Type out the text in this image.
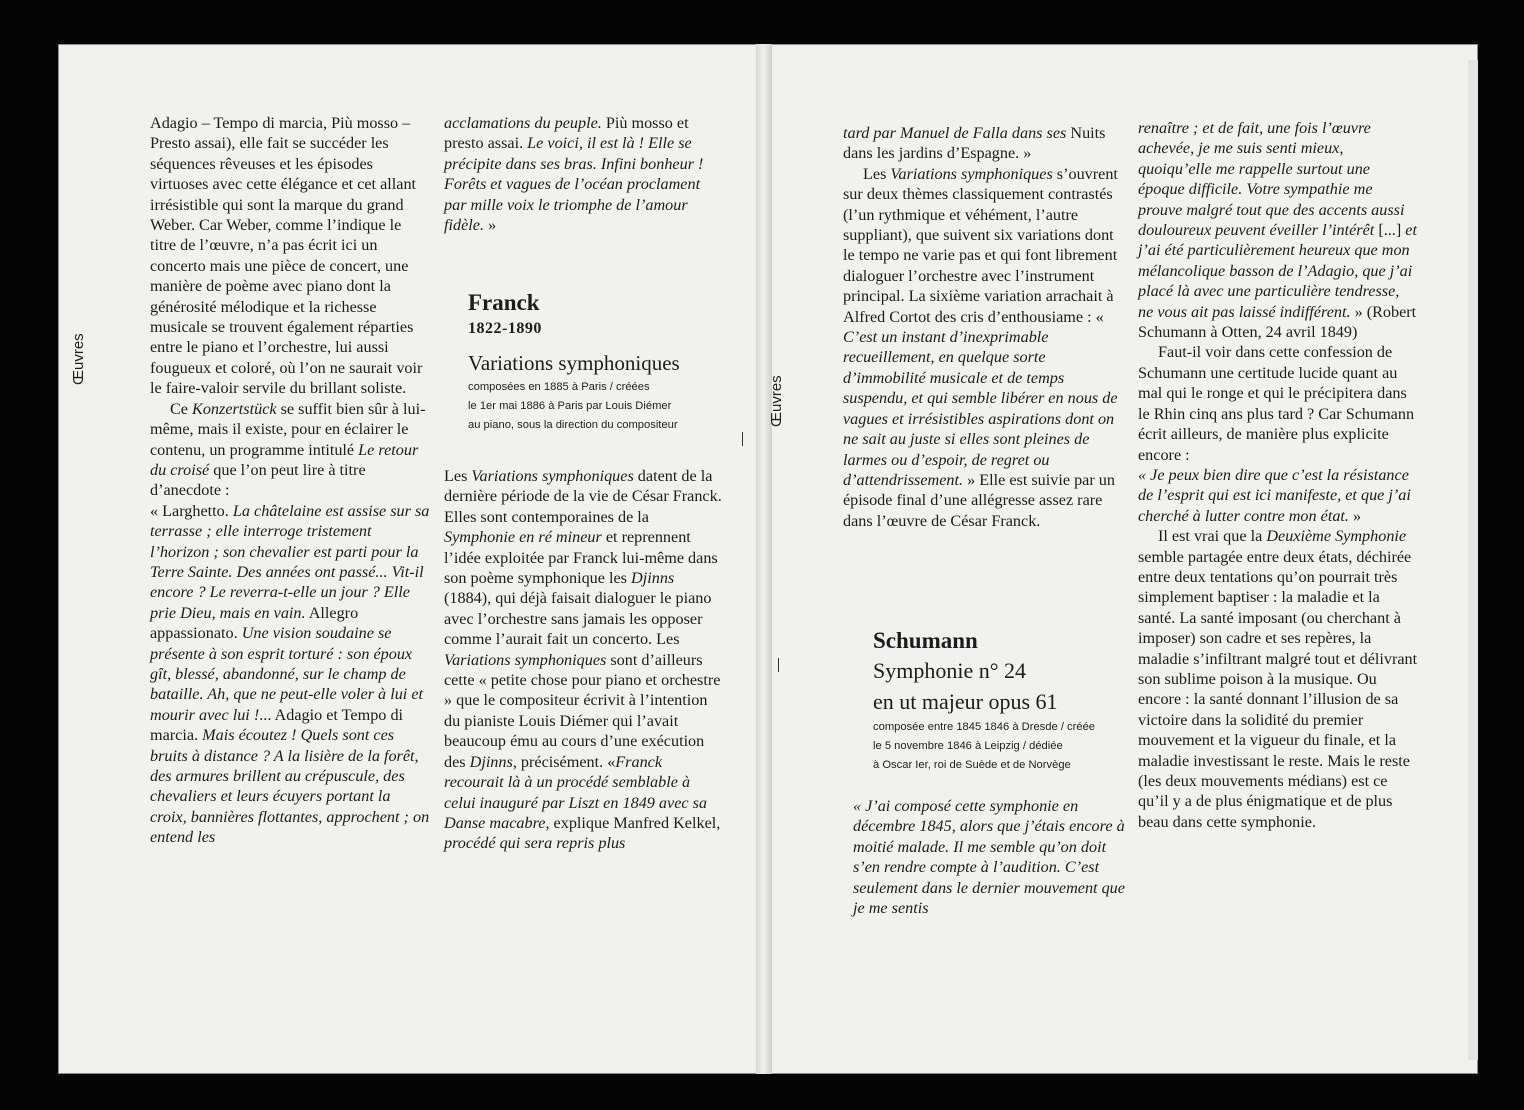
Œuvres
Œuvres

Adagio – Tempo di marcia, Più mosso – Presto assai), elle fait se succéder les séquences rêveuses et les épisodes virtuoses avec cette élégance et cet allant irrésistible qui sont la marque du grand Weber. Car Weber, comme l’indique le titre de l’œuvre, n’a pas écrit ici un concerto mais une pièce de concert, une manière de poème avec piano dont la générosité mélodique et la richesse musicale se trouvent également réparties entre le piano et l’orchestre, lui aussi fougueux et coloré, où l’on ne saurait voir le faire-valoir servile du brillant soliste.

Ce Konzertstück se suffit bien sûr à lui-même, mais il existe, pour en éclairer le contenu, un programme intitulé Le retour du croisé que l’on peut lire à titre d’anecdote :

« Larghetto. La châtelaine est assise sur sa terrasse ; elle interroge tristement l’horizon ; son chevalier est parti pour la Terre Sainte. Des années ont passé... Vit-il encore ? Le reverra-t-elle un jour ? Elle prie Dieu, mais en vain. Allegro appassionato. Une vision soudaine se présente à son esprit torturé : son époux gît, blessé, abandonné, sur le champ de bataille. Ah, que ne peut-elle voler à lui et mourir avec lui !... Adagio et Tempo di marcia. Mais écoutez ! Quels sont ces bruits à distance ? A la lisière de la forêt, des armures brillent au crépuscule, des chevaliers et leurs écuyers portant la croix, bannières flottantes, approchent ; on entend les

acclamations du peuple. Più mosso et presto assai. Le voici, il est là ! Elle se précipite dans ses bras. Infini bonheur ! Forêts et vagues de l’océan proclament par mille voix le triomphe de l’amour fidèle. »

Franck
1822-1890
Variations symphoniques
composées en 1885 à Paris / créées
le 1er mai 1886 à Paris par Louis Diémer
au piano, sous la direction du compositeur

Les Variations symphoniques datent de la dernière période de la vie de César Franck. Elles sont contemporaines de la Symphonie en ré mineur et reprennent l’idée exploitée par Franck lui-même dans son poème symphonique les Djinns (1884), qui déjà faisait dialoguer le piano avec l’orchestre sans jamais les opposer comme l’aurait fait un concerto. Les Variations symphoniques sont d’ailleurs cette « petite chose pour piano et orchestre » que le compositeur écrivit à l’intention du pianiste Louis Diémer qui l’avait beaucoup ému au cours d’une exécution des Djinns, précisément. «Franck recourait là à un procédé semblable à celui inauguré par Liszt en 1849 avec sa Danse macabre, explique Manfred Kelkel, procédé qui sera repris plus

tard par Manuel de Falla dans ses Nuits dans les jardins d’Espagne. »

Les Variations symphoniques s’ouvrent sur deux thèmes classiquement contrastés (l’un rythmique et véhément, l’autre suppliant), que suivent six variations dont le tempo ne varie pas et qui font librement dialoguer l’orchestre avec l’instrument principal. La sixième variation arrachait à Alfred Cortot des cris d’enthousiame : « C’est un instant d’inexprimable recueillement, en quelque sorte d’immobilité musicale et de temps suspendu, et qui semble libérer en nous de vagues et irrésistibles aspirations dont on ne sait au juste si elles sont pleines de larmes ou d’espoir, de regret ou d’attendrissement. » Elle est suivie par un épisode final d’une allégresse assez rare dans l’œuvre de César Franck.

Schumann
Symphonie n° 24
en ut majeur opus 61
composée entre 1845 1846 à Dresde / créée
le 5 novembre 1846 à Leipzig / dédiée
à Oscar Ier, roi de Suède et de Norvège

« J’ai composé cette symphonie en décembre 1845, alors que j’étais encore à moitié malade. Il me semble qu’on doit s’en rendre compte à l’audition. C’est seulement dans le dernier mouvement que je me sentis

renaître ; et de fait, une fois l’œuvre achevée, je me suis senti mieux, quoiqu’elle me rappelle surtout une époque difficile. Votre sympathie me prouve malgré tout que des accents aussi douloureux peuvent éveiller l’intérêt [...] et j’ai été particulièrement heureux que mon mélancolique basson de l’Adagio, que j’ai placé là avec une particulière tendresse, ne vous ait pas laissé indifférent. » (Robert Schumann à Otten, 24 avril 1849)

Faut-il voir dans cette confession de Schumann une certitude lucide quant au mal qui le ronge et qui le précipitera dans le Rhin cinq ans plus tard ? Car Schumann écrit ailleurs, de manière plus explicite encore :

« Je peux bien dire que c’est la résistance de l’esprit qui est ici manifeste, et que j’ai cherché à lutter contre mon état. »

Il est vrai que la Deuxième Symphonie semble partagée entre deux états, déchirée entre deux tentations qu’on pourrait très simplement baptiser : la maladie et la santé. La santé imposant (ou cherchant à imposer) son cadre et ses repères, la maladie s’infiltrant malgré tout et délivrant son sublime poison à la musique. Ou encore : la santé donnant l’illusion de sa victoire dans la solidité du premier mouvement et la vigueur du finale, et la maladie investissant le reste. Mais le reste (les deux mouvements médians) est ce qu’il y a de plus énigmatique et de plus beau dans cette symphonie.
